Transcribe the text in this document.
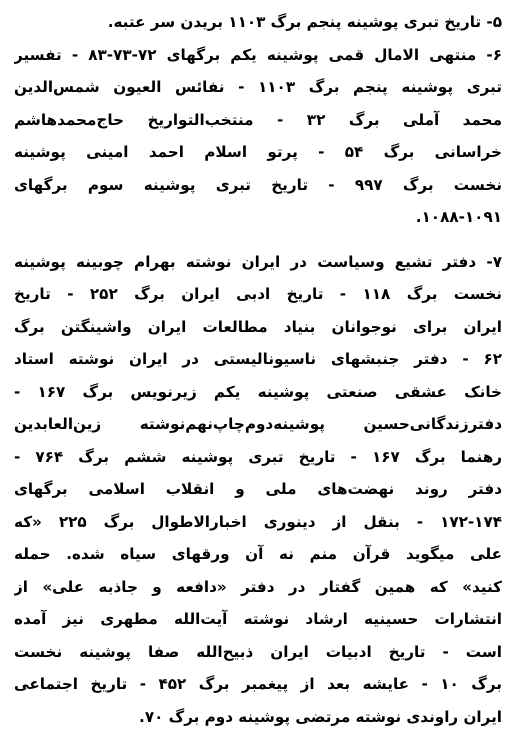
۵- تاریخ تبری پوشینه پنجم برگ ۱۱۰۳ بریدن سر عتبه.
۶- منتهی الامال قمی پوشینه یکم برگهای ۷۲-۷۳-۸۳ - تفسیر
تبری پوشینه پنجم برگ ۱۱۰۳ - نفائس العیون شمس‌الدین
محمد آملی برگ ۳۲ - منتخب‌التواریخ حاج‌محمدهاشم
خراسانی برگ ۵۴ - پرتو اسلام احمد امینی پوشینه
نخست برگ ۹۹۷ - تاریخ تبری پوشینه سوم برگهای
۱۰۸۸-۱۰۹۱.
۷- دفتر تشیع وسیاست در ایران نوشته بهرام چوبینه پوشینه
نخست برگ ۱۱۸ - تاریخ ادبی ایران برگ ۲۵۲ - تاریخ
ایران برای نوجوانان بنیاد مطالعات ایران واشینگتن برگ
۶۲ - دفتر جنبشهای ناسیونالیستی در ایران نوشته استاد
خانک عشقی صنعتی پوشینه یکم زیرنویس برگ ۱۶۷ -
دفترزندگانی‌حسین پوشینه‌دوم‌چاپ‌نهم‌نوشته زین‌العابدین
رهنما برگ ۱۶۷ - تاریخ تبری پوشینه ششم برگ ۷۶۴ -
دفتر روند نهضت‌های ملی و انقلاب اسلامی برگهای
۱۷۲-۱۷۴ - بنقل از دینوری اخبارالاطوال برگ ۲۲۵ «که
علی میگوید قرآن منم نه آن ورقهای سیاه شده. حمله
کنید» که همین گفتار در دفتر «دافعه و جاذبه علی» از
انتشارات حسینیه ارشاد نوشته آیت‌الله مطهری نیز آمده
است - تاریخ ادبیات ایران ذبیح‌الله صفا پوشینه نخست
برگ ۱۰ - عایشه بعد از پیغمبر برگ ۴۵۲ - تاریخ اجتماعی
ایران راوندی نوشته مرتضی پوشینه دوم برگ ۷۰.
